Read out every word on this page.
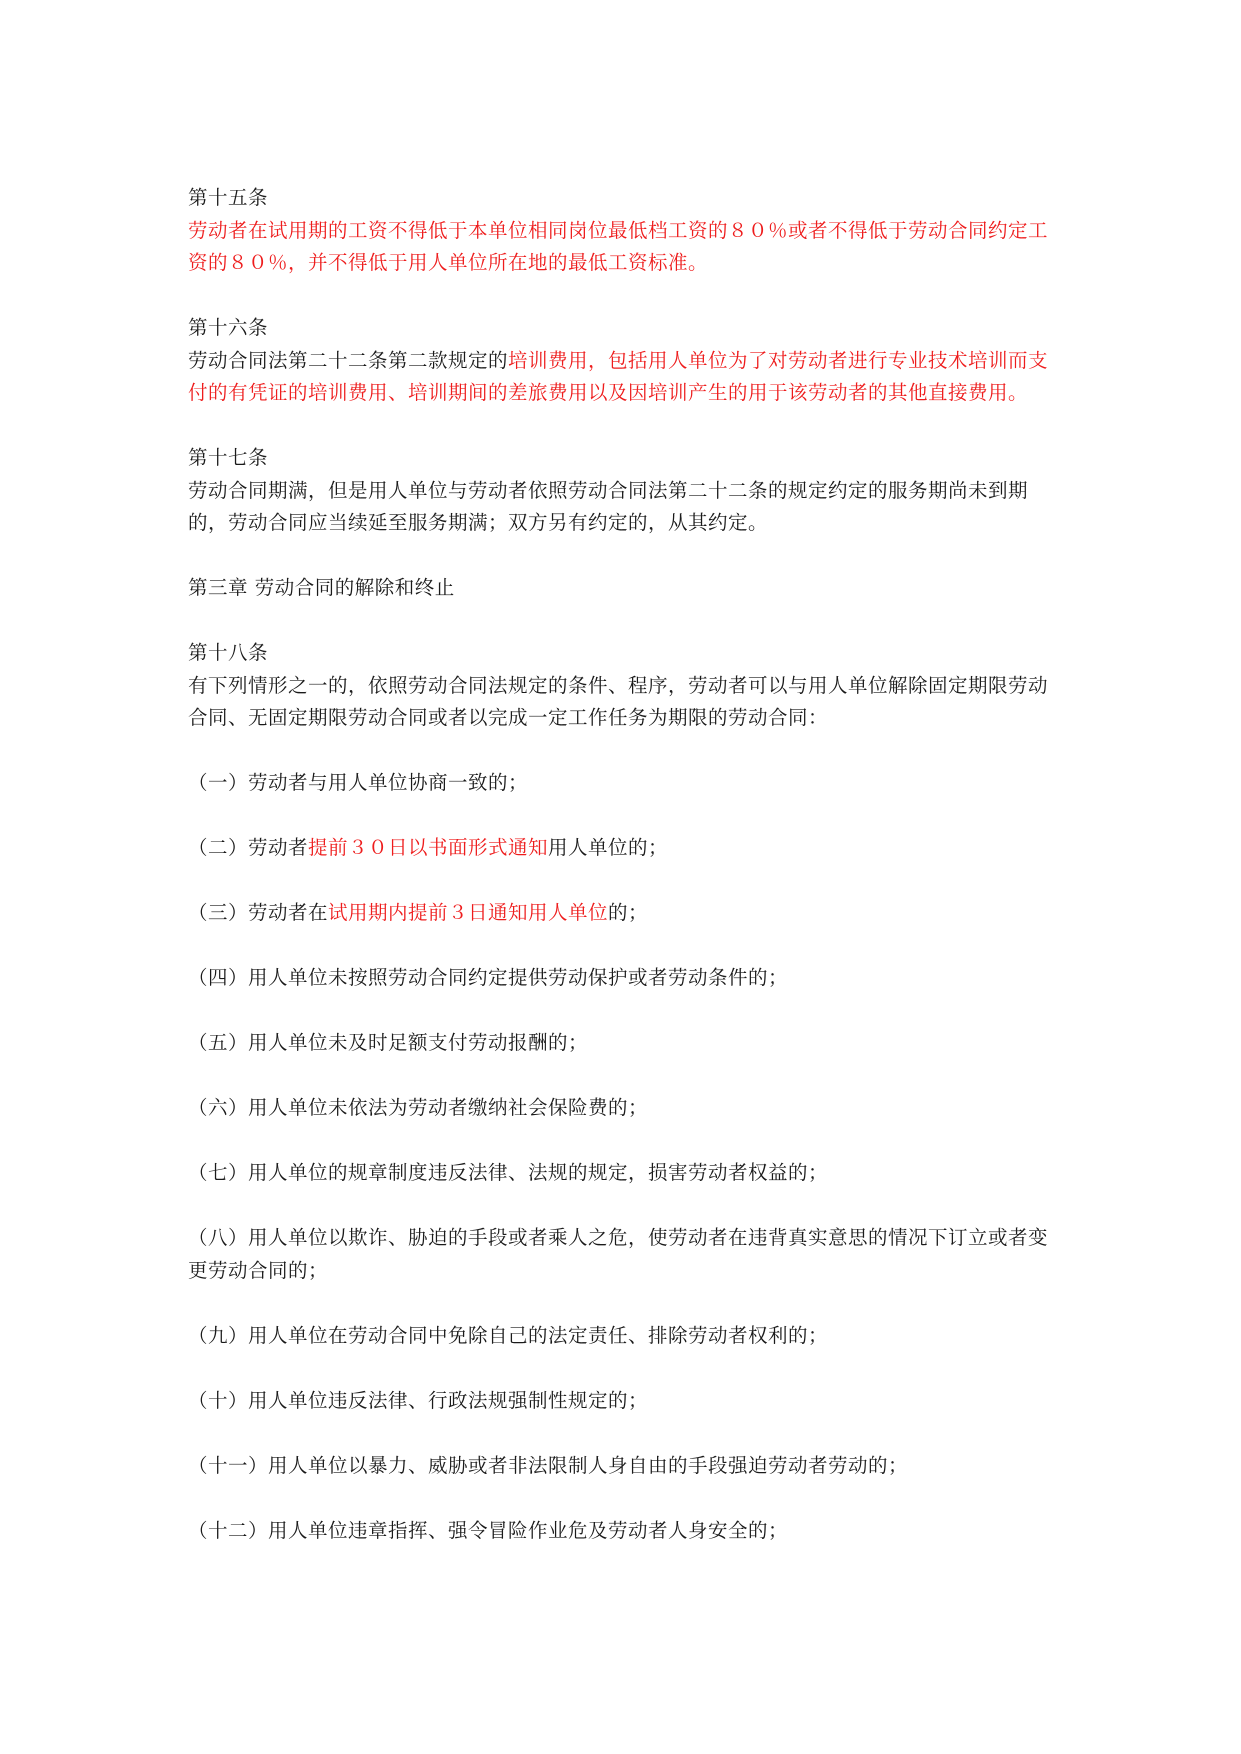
第十五条

劳动者在试用期的工资不得低于本单位相同岗位最低档工资的８０％或者不得低于劳动合同约定工资的８０％，并不得低于用人单位所在地的最低工资标准。

第十六条

劳动合同法第二十二条第二款规定的培训费用，包括用人单位为了对劳动者进行专业技术培训而支付的有凭证的培训费用、培训期间的差旅费用以及因培训产生的用于该劳动者的其他直接费用。

第十七条

劳动合同期满，但是用人单位与劳动者依照劳动合同法第二十二条的规定约定的服务期尚未到期的，劳动合同应当续延至服务期满；双方另有约定的，从其约定。

第三章 劳动合同的解除和终止

第十八条

有下列情形之一的，依照劳动合同法规定的条件、程序，劳动者可以与用人单位解除固定期限劳动合同、无固定期限劳动合同或者以完成一定工作任务为期限的劳动合同：

（一）劳动者与用人单位协商一致的；

（二）劳动者提前３０日以书面形式通知用人单位的；

（三）劳动者在试用期内提前３日通知用人单位的；

（四）用人单位未按照劳动合同约定提供劳动保护或者劳动条件的；

（五）用人单位未及时足额支付劳动报酬的；

（六）用人单位未依法为劳动者缴纳社会保险费的；

（七）用人单位的规章制度违反法律、法规的规定，损害劳动者权益的；

（八）用人单位以欺诈、胁迫的手段或者乘人之危，使劳动者在违背真实意思的情况下订立或者变更劳动合同的；

（九）用人单位在劳动合同中免除自己的法定责任、排除劳动者权利的；

（十）用人单位违反法律、行政法规强制性规定的；

（十一）用人单位以暴力、威胁或者非法限制人身自由的手段强迫劳动者劳动的；

（十二）用人单位违章指挥、强令冒险作业危及劳动者人身安全的；
